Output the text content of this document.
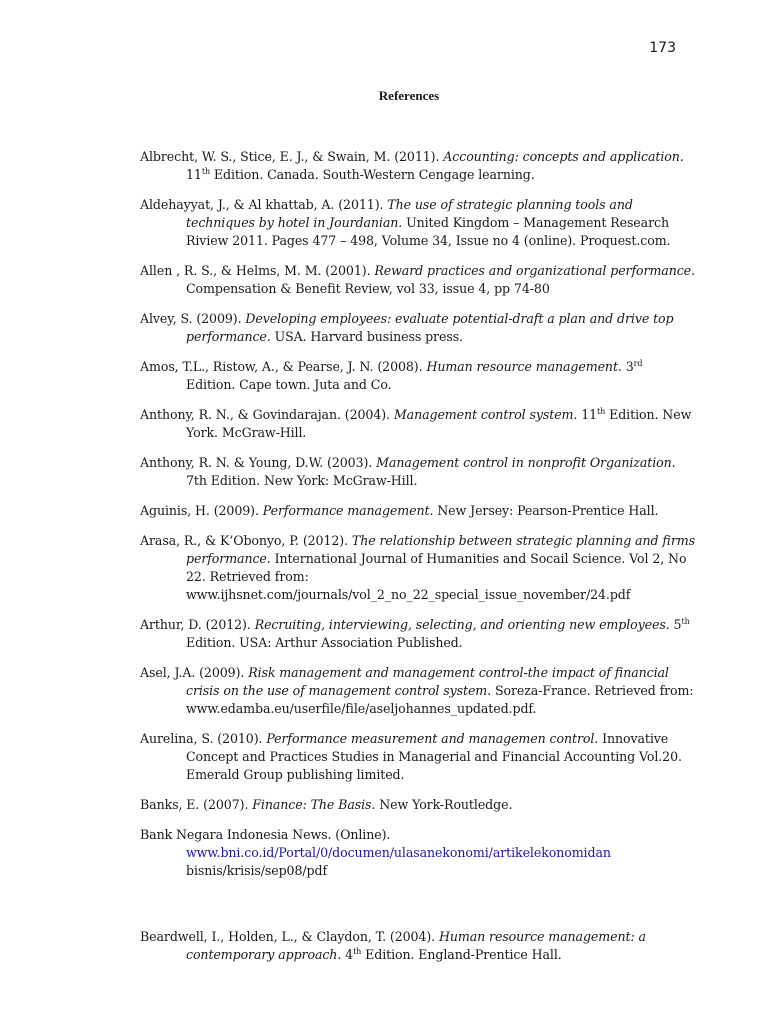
173
References
Albrecht, W. S., Stice, E. J., & Swain, M. (2011). Accounting: concepts and application. 11th Edition. Canada. South-Western Cengage learning.
Aldehayyat, J., & Al khattab, A. (2011). The use of strategic planning tools and techniques by hotel in Jourdanian. United Kingdom – Management Research Riview 2011. Pages 477 – 498, Volume 34, Issue no 4 (online). Proquest.com.
Allen , R. S., & Helms, M. M. (2001). Reward practices and organizational performance. Compensation & Benefit Review, vol 33, issue 4, pp 74-80
Alvey, S. (2009). Developing employees: evaluate potential-draft a plan and drive top performance. USA. Harvard business press.
Amos, T.L., Ristow, A., & Pearse, J. N. (2008). Human resource management. 3rd Edition. Cape town. Juta and Co.
Anthony, R. N., & Govindarajan. (2004). Management control system. 11th Edition. New York. McGraw-Hill.
Anthony, R. N. & Young, D.W. (2003). Management control in nonprofit Organization. 7th Edition. New York: McGraw-Hill.
Aguinis, H. (2009). Performance management. New Jersey: Pearson-Prentice Hall.
Arasa, R., & K’Obonyo, P. (2012). The relationship between strategic planning and firms performance. International Journal of Humanities and Socail Science. Vol 2, No 22. Retrieved from: www.ijhsnet.com/journals/vol_2_no_22_special_issue_november/24.pdf
Arthur, D. (2012). Recruiting, interviewing, selecting, and orienting new employees. 5th Edition. USA: Arthur Association Published.
Asel, J.A. (2009). Risk management and management control-the impact of financial crisis on the use of management control system. Soreza-France. Retrieved from: www.edamba.eu/userfile/file/aseljohannes_updated.pdf.
Aurelina, S. (2010). Performance measurement and managemen control. Innovative Concept and Practices Studies in Managerial and Financial Accounting Vol.20. Emerald Group publishing limited.
Banks, E. (2007). Finance: The Basis. New York-Routledge.
Bank Negara Indonesia News. (Online). www.bni.co.id/Portal/0/documen/ulasanekonomi/artikelekonomidan bisnis/krisis/sep08/pdf
Beardwell, I., Holden, L., & Claydon, T. (2004). Human resource management: a contemporary approach. 4th Edition. England-Prentice Hall.
